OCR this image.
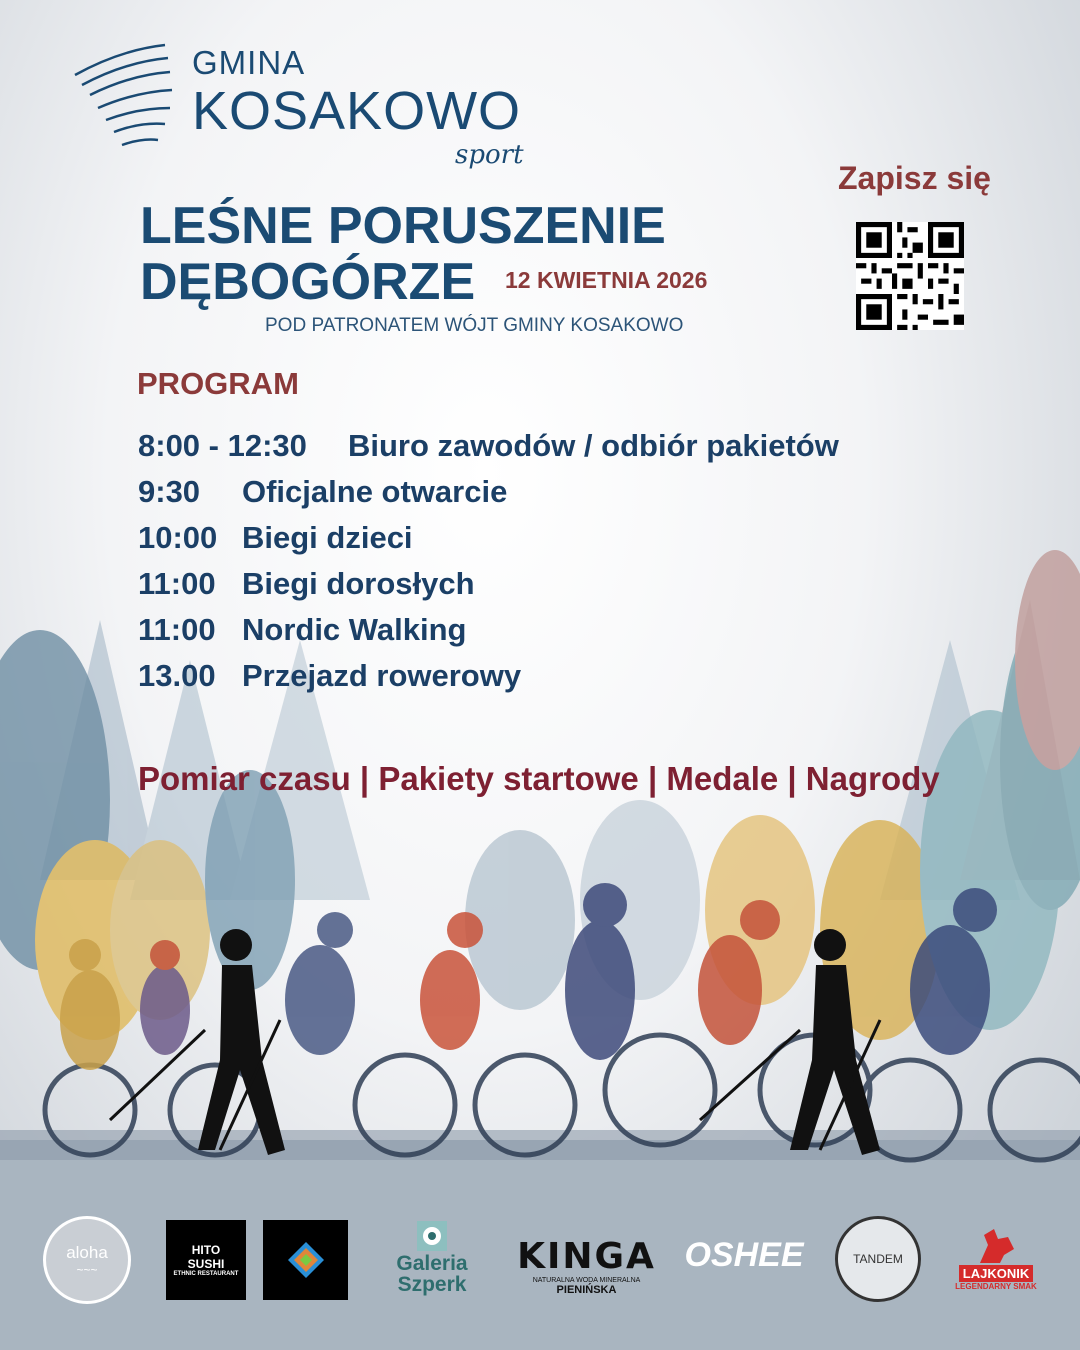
GMINA
KOSAKOWO
sport
LEŚNE PORUSZENIE
DĘBOGÓRZE	12 KWIETNIA 2026
POD PATRONATEM WÓJT GMINY KOSAKOWO
Zapisz się
PROGRAM
8:00 - 12:30 Biuro zawodów / odbiór pakietów
9:30 Oficjalne otwarcie
10:00 Biegi dzieci
11:00 Biegi dorosłych
11:00 Nordic Walking
13.00 Przejazd rowerowy
Pomiar czasu | Pakiety startowe | Medale | Nagrody
aloha
~~~
HITO
SUSHI
ETHNIC RESTAURANT	Galeria
Szperk
KINGA
NATURALNA WODA MINERALNA
PIENIŃSKA
OSHEE	TANDEM
LAJKONIK
LEGENDARNY SMAK
